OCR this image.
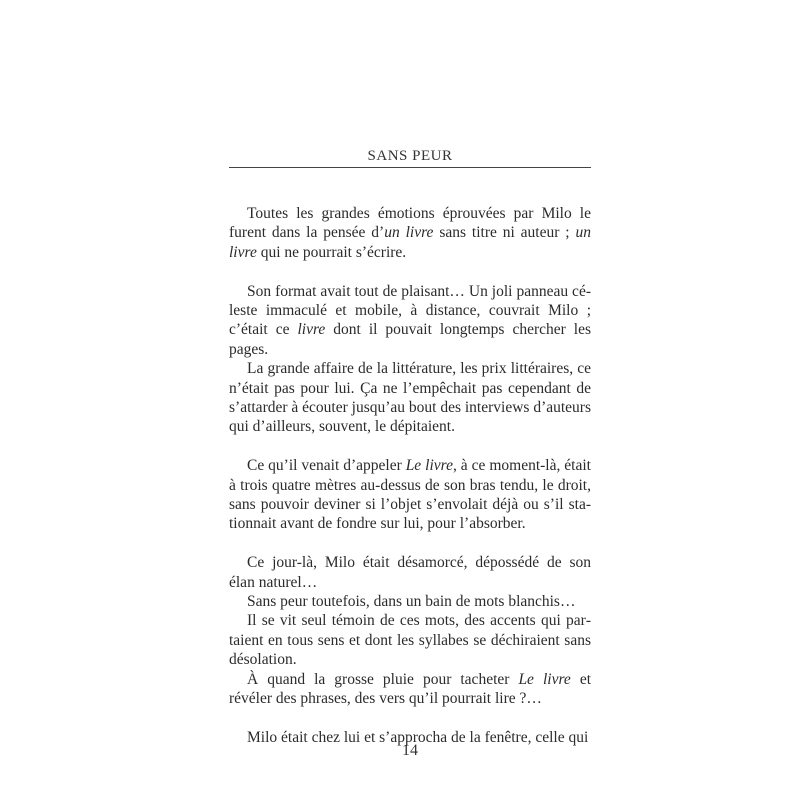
SANS PEUR

Toutes les grandes émotions éprouvées par Milo le furent dans la pensée d’un livre sans titre ni auteur ; un livre qui ne pourrait s’écrire.

Son format avait tout de plaisant… Un joli panneau céleste immaculé et mobile, à distance, couvrait Milo ; c’était ce livre dont il pouvait longtemps chercher les pages.

La grande affaire de la littérature, les prix littéraires, ce n’était pas pour lui. Ça ne l’empêchait pas cependant de s’attarder à écouter jusqu’au bout des interviews d’auteurs qui d’ailleurs, souvent, le dépitaient.

Ce qu’il venait d’appeler Le livre, à ce moment-là, était à trois quatre mètres au-dessus de son bras tendu, le droit, sans pouvoir deviner si l’objet s’envolait déjà ou s’il stationnait avant de fondre sur lui, pour l’absorber.

Ce jour-là, Milo était désamorcé, dépossédé de son élan naturel…

Sans peur toutefois, dans un bain de mots blanchis…

Il se vit seul témoin de ces mots, des accents qui partaient en tous sens et dont les syllabes se déchiraient sans désolation.

À quand la grosse pluie pour tacheter Le livre et révéler des phrases, des vers qu’il pourrait lire ?…

Milo était chez lui et s’approcha de la fenêtre, celle qui

14
